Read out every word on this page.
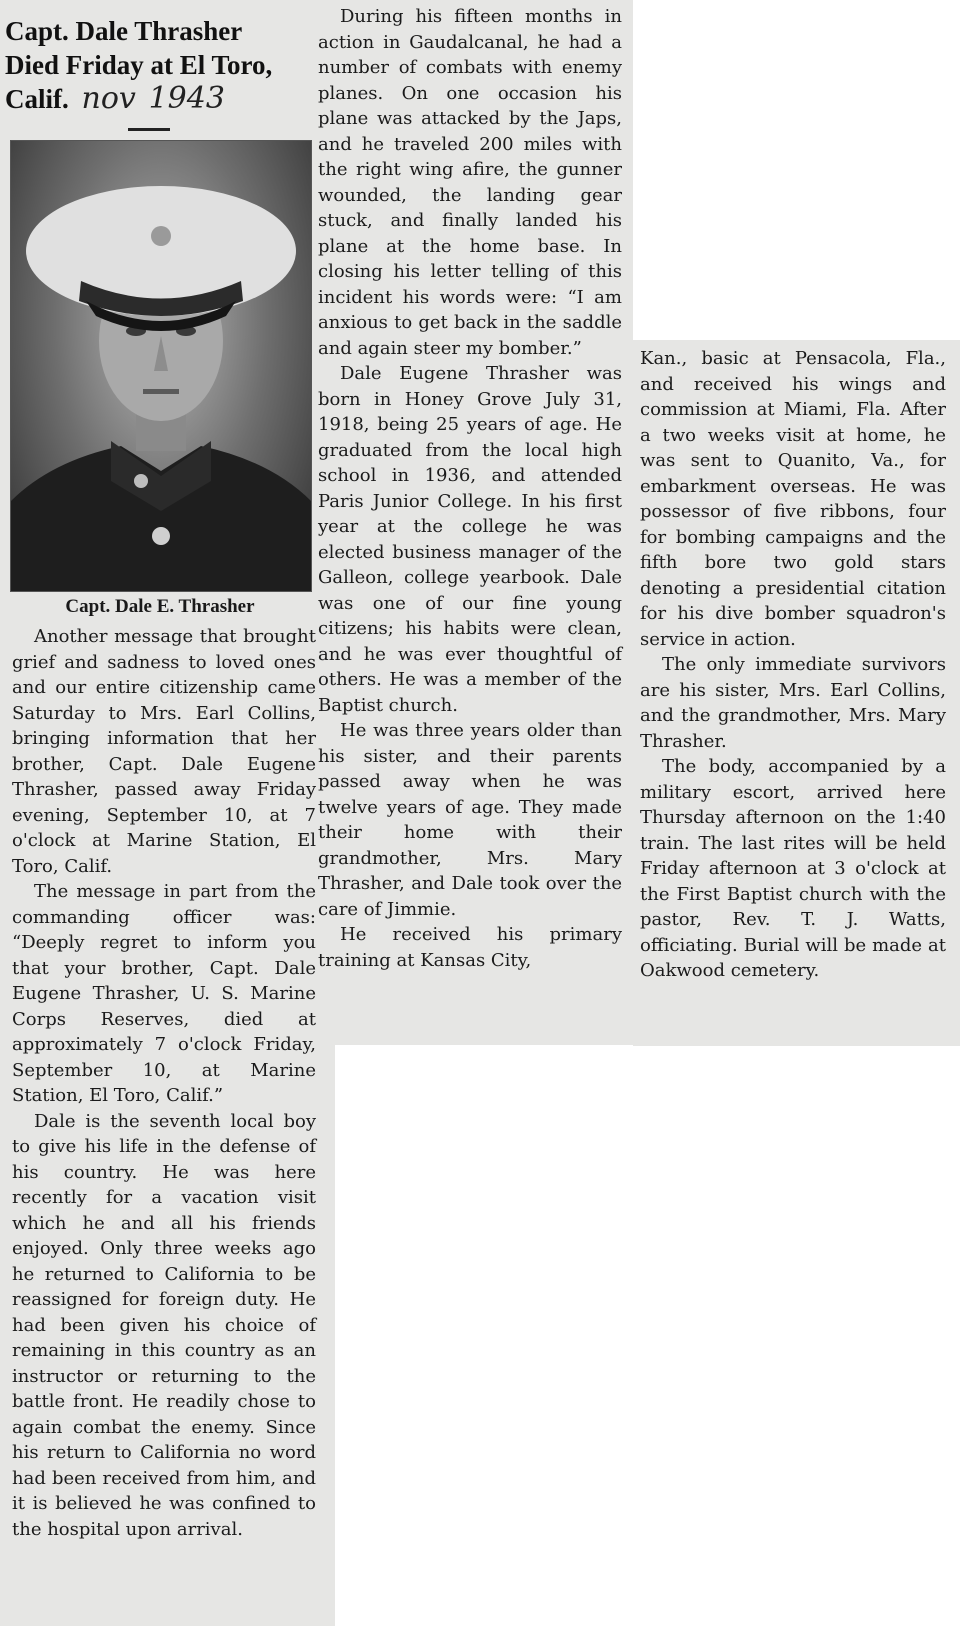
Capt. Dale Thrasher Died Friday at El Toro, Calif. nov 1943
Capt. Dale E. Thrasher

Another message that brought grief and sadness to loved ones and our entire citizenship came Saturday to Mrs. Earl Collins, bringing information that her brother, Capt. Dale Eugene Thrasher, passed away Friday evening, September 10, at 7 o'clock at Marine Station, El Toro, Calif.

The message in part from the commanding officer was: “Deeply regret to inform you that your brother, Capt. Dale Eugene Thrasher, U. S. Marine Corps Reserves, died at approximately 7 o'clock Friday, September 10, at Marine Station, El Toro, Calif.”

Dale is the seventh local boy to give his life in the defense of his country. He was here recently for a vacation visit which he and all his friends enjoyed. Only three weeks ago he returned to California to be reassigned for foreign duty. He had been given his choice of remaining in this country as an instructor or returning to the battle front. He readily chose to again combat the enemy. Since his return to California no word had been received from him, and it is believed he was confined to the hospital upon arrival.

During his fifteen months in action in Gaudalcanal, he had a number of combats with enemy planes. On one occasion his plane was attacked by the Japs, and he traveled 200 miles with the right wing afire, the gunner wounded, the landing gear stuck, and finally landed his plane at the home base. In closing his letter telling of this incident his words were: “I am anxious to get back in the saddle and again steer my bomber.”

Dale Eugene Thrasher was born in Honey Grove July 31, 1918, being 25 years of age. He graduated from the local high school in 1936, and attended Paris Junior College. In his first year at the college he was elected business manager of the Galleon, college yearbook. Dale was one of our fine young citizens; his habits were clean, and he was ever thoughtful of others. He was a member of the Baptist church.

He was three years older than his sister, and their parents passed away when he was twelve years of age. They made their home with their grandmother, Mrs. Mary Thrasher, and Dale took over the care of Jimmie.

He received his primary training at Kansas City,

Kan., basic at Pensacola, Fla., and received his wings and commission at Miami, Fla. After a two weeks visit at home, he was sent to Quanito, Va., for embarkment overseas. He was possessor of five ribbons, four for bombing campaigns and the fifth bore two gold stars denoting a presidential citation for his dive bomber squadron's service in action.

The only immediate survivors are his sister, Mrs. Earl Collins, and the grandmother, Mrs. Mary Thrasher.

The body, accompanied by a military escort, arrived here Thursday afternoon on the 1:40 train. The last rites will be held Friday afternoon at 3 o'clock at the First Baptist church with the pastor, Rev. T. J. Watts, officiating. Burial will be made at Oakwood cemetery.
